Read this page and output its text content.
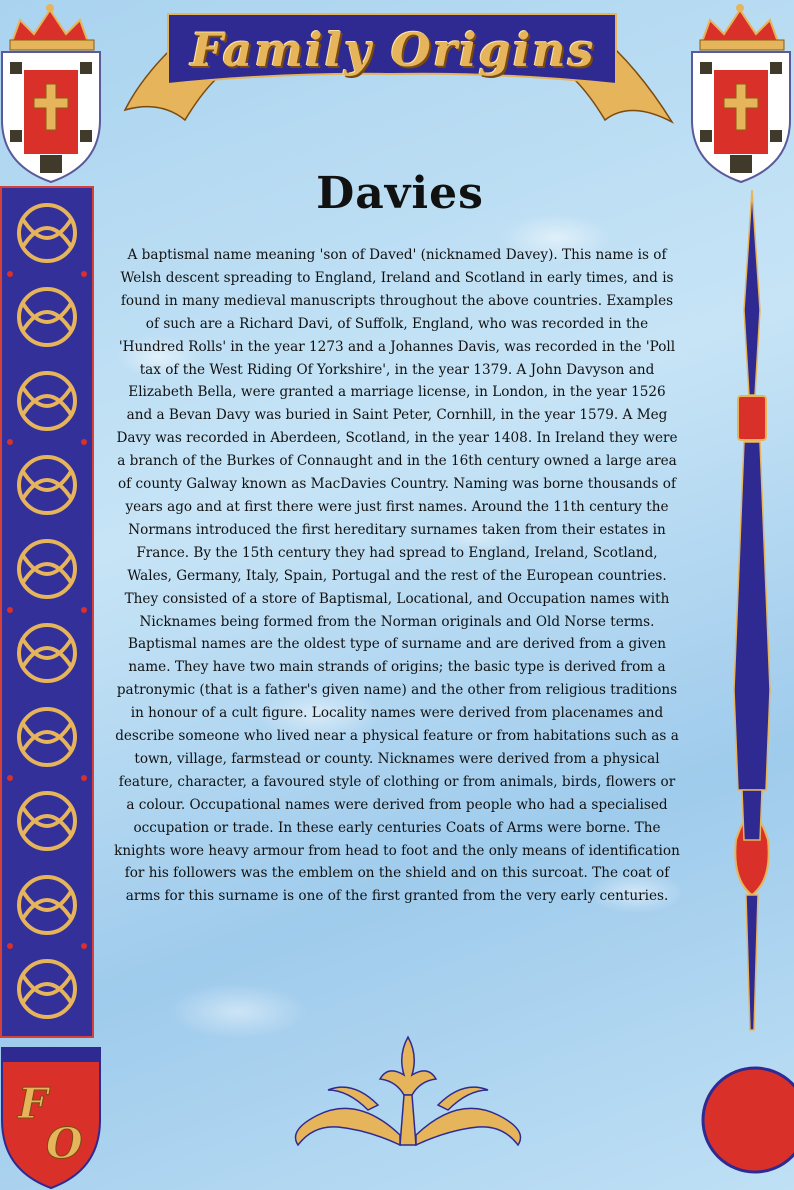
Family Origins
Davies
A baptismal name meaning 'son of Daved' (nicknamed Davey). This name is of Welsh descent spreading to England, Ireland and Scotland in early times, and is found in many medieval manuscripts throughout the above countries. Examples of such are a Richard Davi, of Suffolk, England, who was recorded in the 'Hundred Rolls' in the year 1273 and a Johannes Davis, was recorded in the 'Poll tax of the West Riding Of Yorkshire', in the year 1379. A John Davyson and Elizabeth Bella, were granted a marriage license, in London, in the year 1526 and a Bevan Davy was buried in Saint Peter, Cornhill, in the year 1579. A Meg Davy was recorded in Aberdeen, Scotland, in the year 1408. In Ireland they were a branch of the Burkes of Connaught and in the 16th century owned a large area of county Galway known as MacDavies Country. Naming was borne thousands of years ago and at first there were just first names. Around the 11th century the Normans introduced the first hereditary surnames taken from their estates in France. By the 15th century they had spread to England, Ireland, Scotland, Wales, Germany, Italy, Spain, Portugal and the rest of the European countries. They consisted of a store of Baptismal, Locational, and Occupation names with Nicknames being formed from the Norman originals and Old Norse terms. Baptismal names are the oldest type of surname and are derived from a given name. They have two main strands of origins; the basic type is derived from a patronymic (that is a father's given name) and the other from religious traditions in honour of a cult figure. Locality names were derived from placenames and describe someone who lived near a physical feature or from habitations such as a town, village, farmstead or county. Nicknames were derived from a physical feature, character, a favoured style of clothing or from animals, birds, flowers or a colour. Occupational names were derived from people who had a specialised occupation or trade. In these early centuries Coats of Arms were borne. The knights wore heavy armour from head to foot and the only means of identification for his followers was the emblem on the shield and on this surcoat. The coat of arms for this surname is one of the first granted from the very early centuries.
F
O
